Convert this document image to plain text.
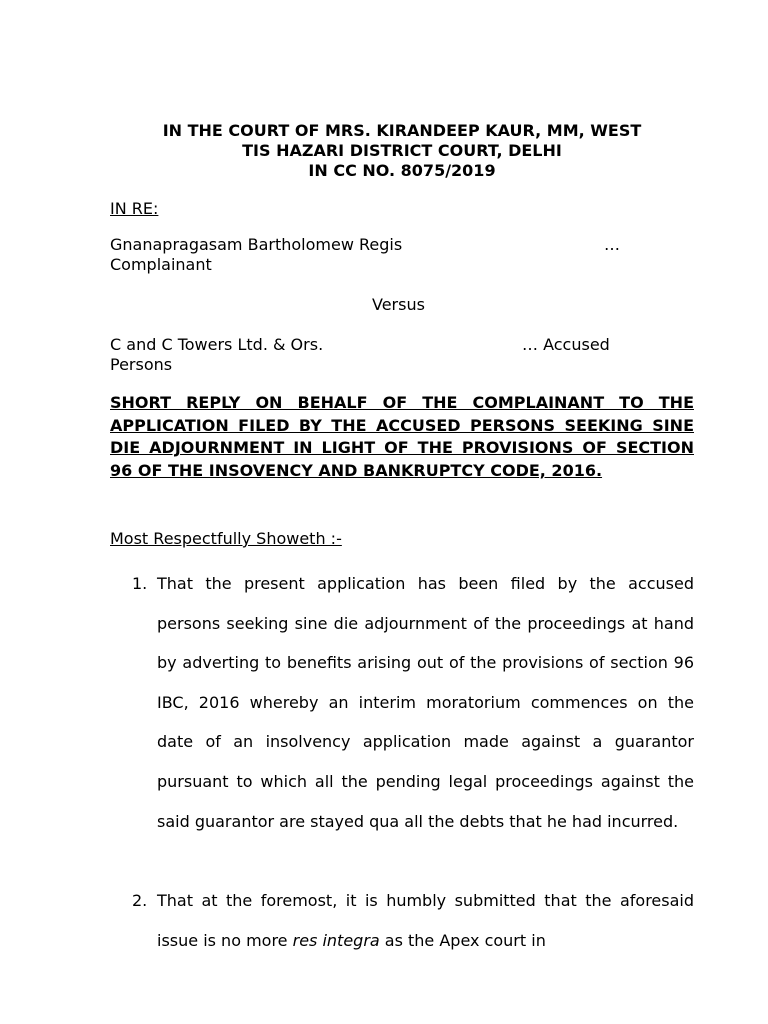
IN THE COURT OF MRS. KIRANDEEP KAUR, MM, WEST
TIS HAZARI DISTRICT COURT, DELHI
IN CC NO. 8075/2019
IN RE:
Gnanapragasam Bartholomew Regis	…
Complainant
Versus
C and C Towers Ltd. & Ors.	… Accused
Persons
SHORT REPLY ON BEHALF OF THE COMPLAINANT TO THE APPLICATION FILED BY THE ACCUSED PERSONS SEEKING SINE DIE ADJOURNMENT IN LIGHT OF THE PROVISIONS OF SECTION 96 OF THE INSOVENCY AND BANKRUPTCY CODE, 2016.
Most Respectfully Showeth :-
1. That the present application has been filed by the accused persons seeking sine die adjournment of the proceedings at hand by adverting to benefits arising out of the provisions of section 96 IBC, 2016 whereby an interim moratorium commences on the date of an insolvency application made against a guarantor pursuant to which all the pending legal proceedings against the said guarantor are stayed qua all the debts that he had incurred.
2. That at the foremost, it is humbly submitted that the aforesaid issue is no more res integra as the Apex court in
